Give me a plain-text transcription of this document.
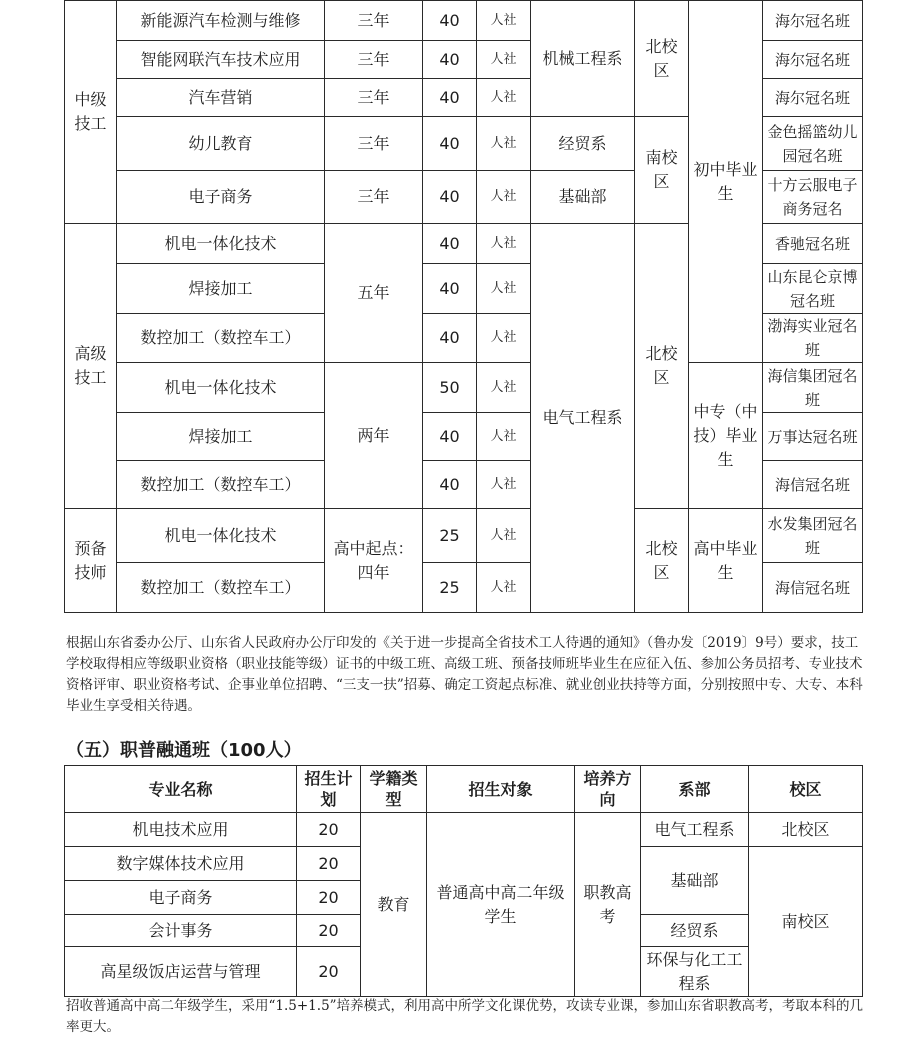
中级技工	新能源汽车检测与维修	三年	40	人社	机械工程系	北校区	初中毕业生	海尔冠名班
	智能网联汽车技术应用	三年	40	人社				海尔冠名班
	汽车营销	三年	40	人社				海尔冠名班
	幼儿教育	三年	40	人社	经贸系	南校区		金色摇篮幼儿园冠名班
	电子商务	三年	40	人社	基础部			十方云服电子商务冠名
高级技工	机电一体化技术	五年	40	人社	电气工程系	北校区		香驰冠名班
	焊接加工		40	人社				山东昆仑京博冠名班
	数控加工（数控车工）		40	人社				渤海实业冠名班
	机电一体化技术	两年	50	人社			中专（中技）毕业生	海信集团冠名班
	焊接加工		40	人社				万事达冠名班
	数控加工（数控车工）		40	人社				海信冠名班
预备技师	机电一体化技术	高中起点：四年	25	人社		北校区	高中毕业生	水发集团冠名班
	数控加工（数控车工）		25	人社				海信冠名班
根据山东省委办公厅、山东省人民政府办公厅印发的《关于进一步提高全省技术工人待遇的通知》（鲁办发〔2019〕9号）要求，技工学校取得相应等级职业资格（职业技能等级）证书的中级工班、高级工班、预备技师班毕业生在应征入伍、参加公务员招考、专业技术资格评审、职业资格考试、企事业单位招聘、“三支一扶”招募、确定工资起点标准、就业创业扶持等方面，分别按照中专、大专、本科毕业生享受相关待遇。
（五）职普融通班（100人）
专业名称	招生计划	学籍类型	招生对象	培养方向	系部	校区
机电技术应用	20	教育	普通高中高二年级学生	职教高考	电气工程系	北校区
数字媒体技术应用	20				基础部	南校区
电子商务	20					
会计事务	20				经贸系	
高星级饭店运营与管理	20				环保与化工工程系	
招收普通高中高二年级学生，采用“1.5+1.5”培养模式，利用高中所学文化课优势，攻读专业课，参加山东省职教高考，考取本科的几率更大。
